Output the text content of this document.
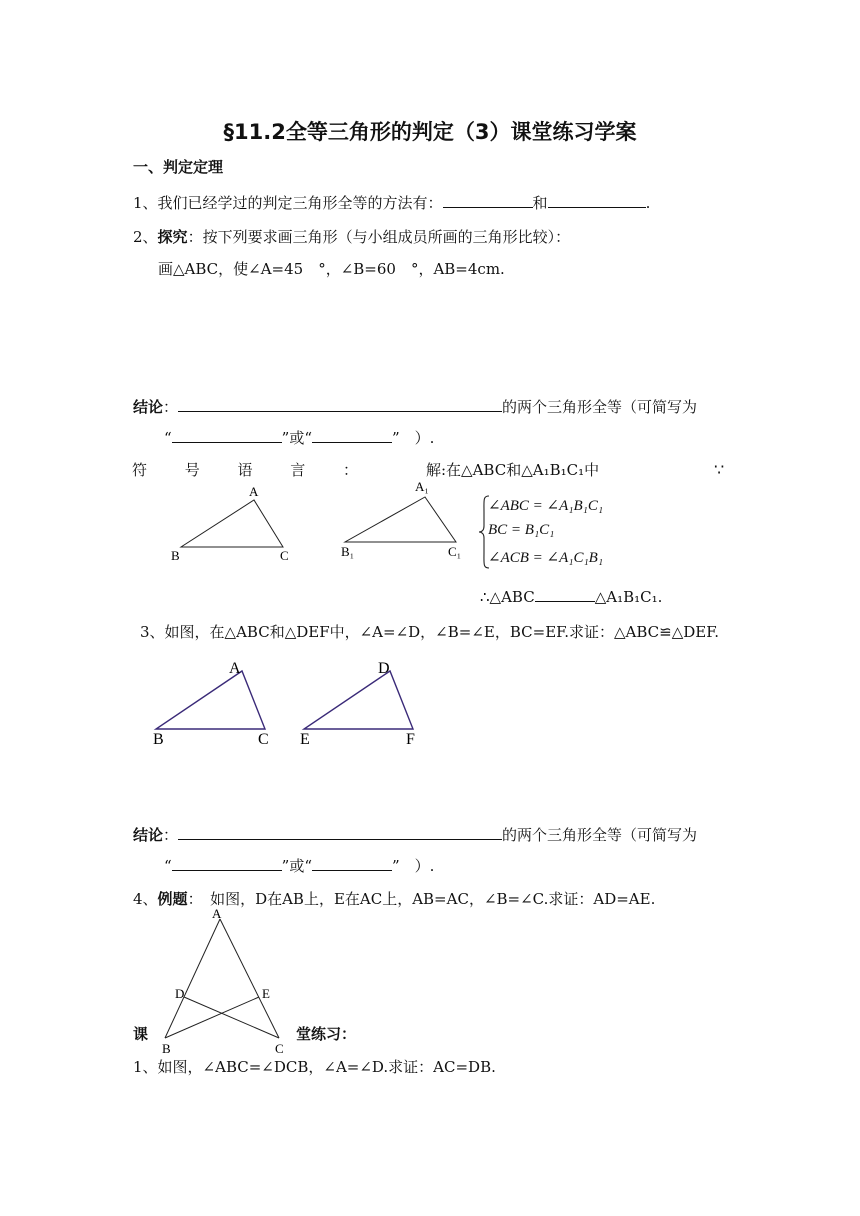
§11.2全等三角形的判定（3）课堂练习学案
一、判定定理
1、我们已经学过的判定三角形全等的方法有：	和	.
2、探究：按下列要求画三角形（与小组成员所画的三角形比较）：
画△ABC，使∠A=45　°，∠B=60　°，AB=4cm.
结论：	的两个三角形全等（可简写为
“	”或“	”　）.
符	号	语	言	：	解:在△ABC和△A₁B₁C₁中	∵
A
B	C
A₁
B₁	C₁
∠ABC = ∠A₁B₁C₁
BC = B₁C₁
∠ACB = ∠A₁C₁B₁
∴△ABC	△A₁B₁C₁.
3、如图，在△ABC和△DEF中，∠A=∠D，∠B=∠E，BC=EF.求证：△ABC≌△DEF.
A
B	C
D
E	F
结论：	的两个三角形全等（可简写为
“	”或“	”　）.
4、例题：　如图，D在AB上，E在AC上，AB=AC，∠B=∠C.求证：AD=AE.
A
D	E
B	C
课	堂练习：
1、如图，∠ABC=∠DCB，∠A=∠D.求证：AC=DB.
